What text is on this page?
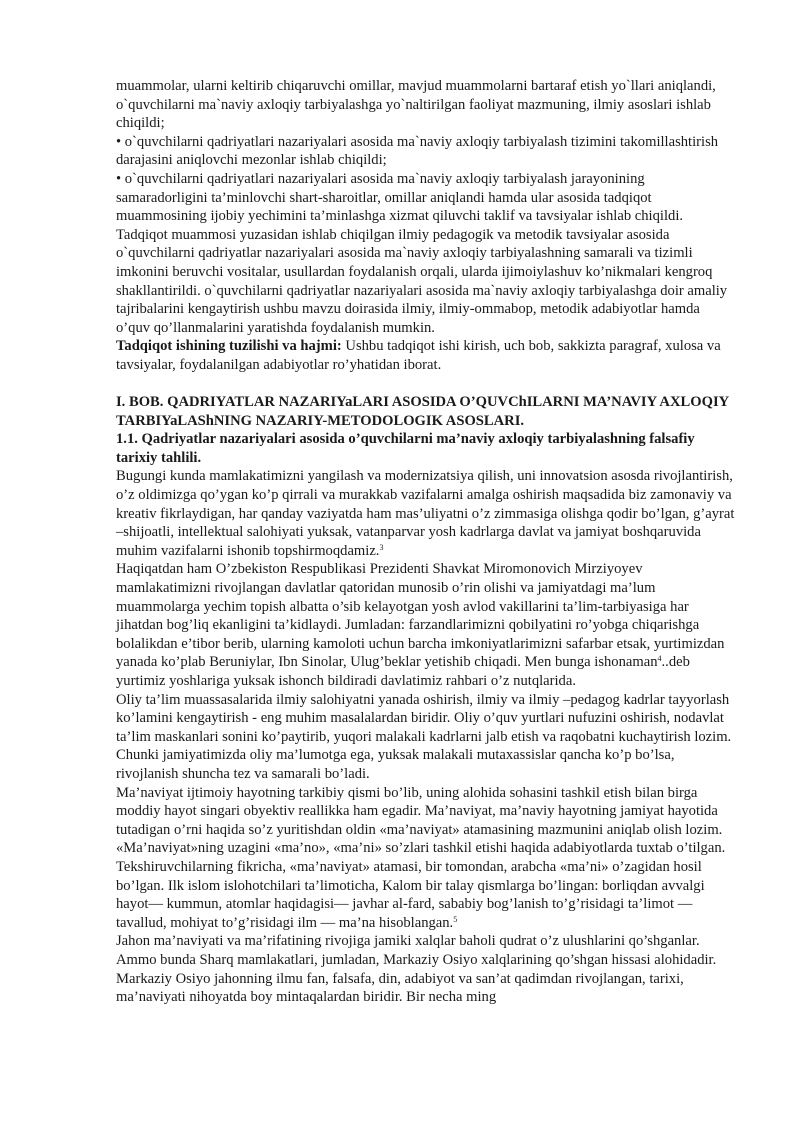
muammolar, ularni keltirib chiqaruvchi omillar, mavjud muammolarni bartaraf etish yo`llari aniqlandi, o`quvchilarni ma`naviy axloqiy tarbiyalashga yo`naltirilgan faoliyat mazmuning, ilmiy asoslari ishlab chiqildi;

• o`quvchilarni qadriyatlari nazariyalari asosida ma`naviy axloqiy tarbiyalash tizimini takomillashtirish darajasini aniqlovchi mezonlar ishlab chiqildi;

• o`quvchilarni qadriyatlari nazariyalari asosida ma`naviy axloqiy tarbiyalash jarayonining samaradorligini ta’minlovchi shart-sharoitlar, omillar aniqlandi hamda ular asosida tadqiqot muammosining ijobiy yechimini ta’minlashga xizmat qiluvchi taklif va tavsiyalar ishlab chiqildi.

Tadqiqot muammosi yuzasidan ishlab chiqilgan ilmiy pedagogik va metodik tavsiyalar asosida o`quvchilarni qadriyatlar nazariyalari asosida ma`naviy axloqiy tarbiyalashning samarali va tizimli imkonini beruvchi vositalar, usullardan foydalanish orqali, ularda ijimoiylashuv ko’nikmalari kengroq shakllantirildi. o`quvchilarni qadriyatlar nazariyalari asosida ma`naviy axloqiy tarbiyalashga doir amaliy tajribalarini kengaytirish ushbu mavzu doirasida ilmiy, ilmiy-ommabop, metodik adabiyotlar hamda o’quv qo’llanmalarini yaratishda foydalanish mumkin.

Tadqiqot ishining tuzilishi va hajmi: Ushbu tadqiqot ishi kirish, uch bob, sakkizta paragraf, xulosa va tavsiyalar, foydalanilgan adabiyotlar ro’yhatidan iborat.

I. BOB. QADRIYATLAR NAZARIYaLARI ASOSIDA O’QUVChILARNI MA’NAVIY AXLOQIY TARBIYaLAShNING NAZARIY-METODOLOGIK ASOSLARI.

1.1. Qadriyatlar nazariyalari asosida o’quvchilarni ma’naviy axloqiy tarbiyalashning falsafiy tarixiy tahlili.

Bugungi kunda mamlakatimizni yangilash va modernizatsiya qilish, uni innovatsion asosda rivojlantirish, o’z oldimizga qo’ygan ko’p qirrali va murakkab vazifalarni amalga oshirish maqsadida biz zamonaviy va kreativ fikrlaydigan, har qanday vaziyatda ham mas’uliyatni o’z zimmasiga olishga qodir bo’lgan, g’ayrat –shijoatli, intellektual salohiyati yuksak, vatanparvar yosh kadrlarga davlat va jamiyat boshqaruvida muhim vazifalarni ishonib topshirmoqdamiz.$^3$

Haqiqatdan ham O’zbekiston Respublikasi Prezidenti Shavkat Miromonovich Mirziyoyev mamlakatimizni rivojlangan davlatlar qatoridan munosib o’rin olishi va jamiyatdagi ma’lum muammolarga yechim topish albatta o’sib kelayotgan yosh avlod vakillarini ta’lim-tarbiyasiga har jihatdan bog’liq ekanligini ta’kidlaydi. Jumladan: farzandlarimizni qobilyatini ro’yobga chiqarishga bolalikdan e’tibor berib, ularning kamoloti uchun barcha imkoniyatlarimizni safarbar etsak, yurtimizdan yanada ko’plab Beruniylar, Ibn Sinolar, Ulug’beklar yetishib chiqadi. Men bunga ishonaman$^4$..deb yurtimiz yoshlariga yuksak ishonch bildiradi davlatimiz rahbari o’z nutqlarida.

Oliy ta’lim muassasalarida ilmiy salohiyatni yanada oshirish, ilmiy va ilmiy –pedagog kadrlar tayyorlash ko’lamini kengaytirish - eng muhim masalalardan biridir. Oliy o’quv yurtlari nufuzini oshirish, nodavlat ta’lim maskanlari sonini ko’paytirib, yuqori malakali kadrlarni jalb etish va raqobatni kuchaytirish lozim. Chunki jamiyatimizda oliy ma’lumotga ega, yuksak malakali mutaxassislar qancha ko’p bo’lsa, rivojlanish shuncha tez va samarali bo’ladi.

Ma’naviyat ijtimoiy hayotning tarkibiy qismi bo’lib, uning alohida sohasini tashkil etish bilan birga moddiy hayot singari obyektiv reallikka ham egadir. Ma’naviyat, ma’naviy hayotning jamiyat hayotida tutadigan o’rni haqida so’z yuritishdan oldin «ma’naviyat» atamasining mazmunini aniqlab olish lozim. «Ma’naviyat»ning uzagini «ma’no», «ma’ni» so’zlari tashkil etishi haqida adabiyotlarda tuxtab o’tilgan. Tekshiruvchilarning fikricha, «ma’naviyat» atamasi, bir tomondan, arabcha «ma’ni» o’zagidan hosil bo’lgan. Ilk islom islohotchilari ta’limoticha, Kalom bir talay qismlarga bo’lingan: borliqdan avvalgi hayot— kummun, atomlar haqidagisi— javhar al-fard, sababiy bog’lanish to’g’risidagi ta’limot — tavallud, mohiyat to’g’risidagi ilm — ma’na hisoblangan.$^5$

Jahon ma’naviyati va ma’rifatining rivojiga jamiki xalqlar baholi qudrat o’z ulushlarini qo’shganlar. Ammo bunda Sharq mamlakatlari, jumladan, Markaziy Osiyo xalqlarining qo’shgan hissasi alohidadir. Markaziy Osiyo jahonning ilmu fan, falsafa, din, adabiyot va san’at qadimdan rivojlangan, tarixi, ma’naviyati nihoyatda boy mintaqalardan biridir. Bir necha ming
